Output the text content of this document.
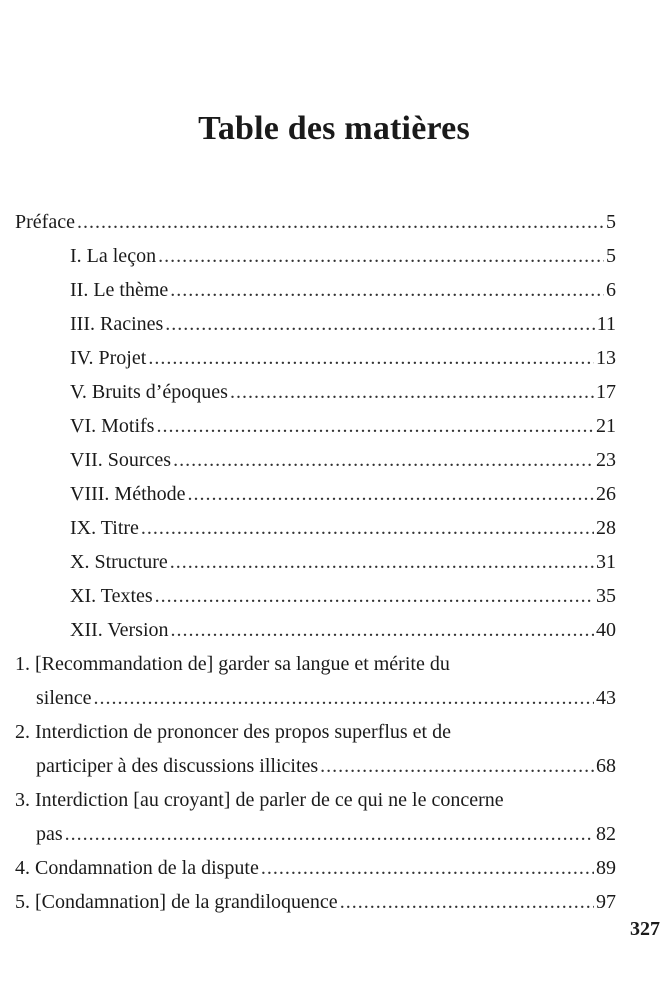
Table des matières
Préface .....	5
I. La leçon .....	5
II. Le thème .....	6
III. Racines .....	11
IV. Projet .....	13
V. Bruits d’époques .....	17
VI. Motifs .....	21
VII. Sources .....	23
VIII. Méthode .....	26
IX. Titre .....	28
X. Structure .....	31
XI. Textes .....	35
XII. Version .....	40
1. [Recommandation de] garder sa langue et mérite du
silence .....	43
2. Interdiction de prononcer des propos superflus et de
participer à des discussions illicites .....	68
3. Interdiction [au croyant] de parler de ce qui ne le concerne
pas .....	82
4. Condamnation de la dispute .....	89
5. [Condamnation] de la grandiloquence .....	97
327
